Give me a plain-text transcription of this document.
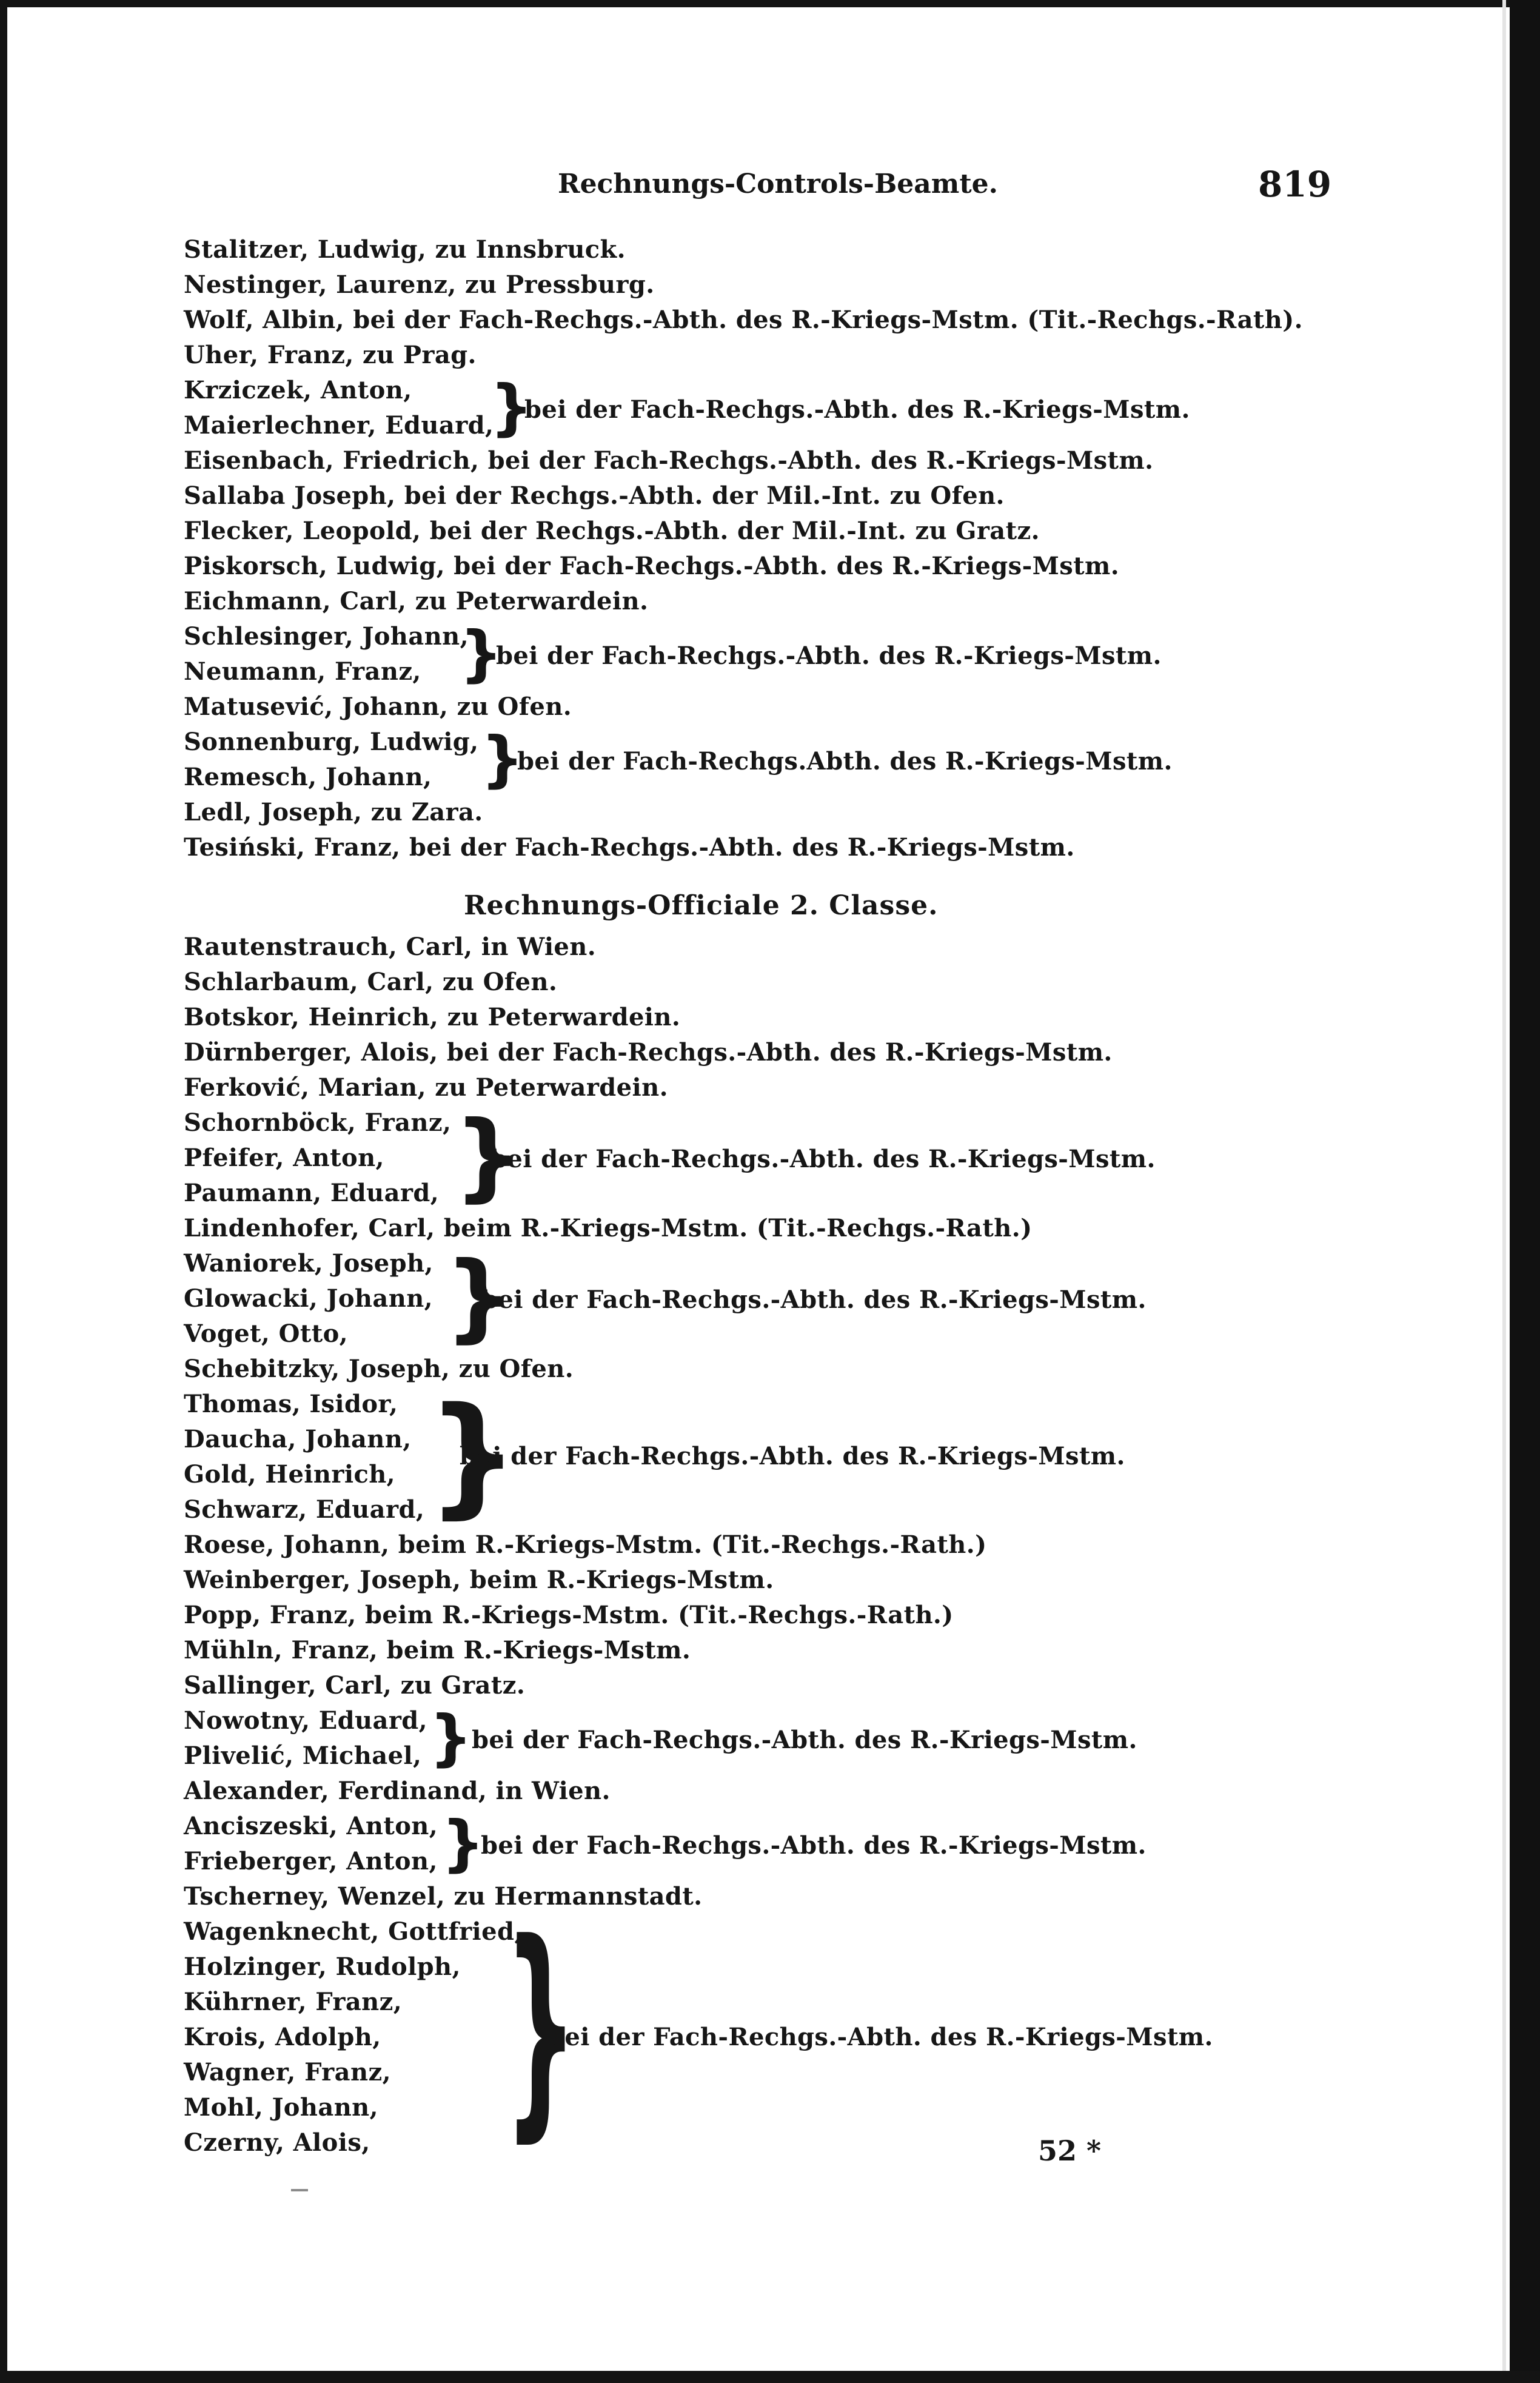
Rechnungs-Controls-Beamte.	819
Stalitzer, Ludwig, zu Innsbruck.
Nestinger, Laurenz, zu Pressburg.
Wolf, Albin, bei der Fach-Rechgs.-Abth. des R.-Kriegs-Mstm. (Tit.-Rechgs.-Rath).
Uher, Franz, zu Prag.
Krziczek, Anton,
Maierlechner, Eduard,
}
bei der Fach-Rechgs.-Abth. des R.-Kriegs-Mstm.
Eisenbach, Friedrich, bei der Fach-Rechgs.-Abth. des R.-Kriegs-Mstm.
Sallaba Joseph, bei der Rechgs.-Abth. der Mil.-Int. zu Ofen.
Flecker, Leopold, bei der Rechgs.-Abth. der Mil.-Int. zu Gratz.
Piskorsch, Ludwig, bei der Fach-Rechgs.-Abth. des R.-Kriegs-Mstm.
Eichmann, Carl, zu Peterwardein.
Schlesinger, Johann,
Neumann, Franz, }
bei der Fach-Rechgs.-Abth. des R.-Kriegs-Mstm.
Matusević, Johann, zu Ofen.
Sonnenburg, Ludwig,
Remesch, Johann, }
bei der Fach-Rechgs.Abth. des R.-Kriegs-Mstm.
Ledl, Joseph, zu Zara.
Tesiński, Franz, bei der Fach-Rechgs.-Abth. des R.-Kriegs-Mstm.
Rechnungs-Officiale 2. Classe.
Rautenstrauch, Carl, in Wien.
Schlarbaum, Carl, zu Ofen.
Botskor, Heinrich, zu Peterwardein.
Dürnberger, Alois, bei der Fach-Rechgs.-Abth. des R.-Kriegs-Mstm.
Ferković, Marian, zu Peterwardein.
Schornböck, Franz,
Pfeifer, Anton,
Paumann, Eduard, }
bei der Fach-Rechgs.-Abth. des R.-Kriegs-Mstm.
Lindenhofer, Carl, beim R.-Kriegs-Mstm. (Tit.-Rechgs.-Rath.)
Waniorek, Joseph,
Glowacki, Johann,
Voget, Otto, }
bei der Fach-Rechgs.-Abth. des R.-Kriegs-Mstm.
Schebitzky, Joseph, zu Ofen.
Thomas, Isidor,
Daucha, Johann,
Gold, Heinrich,
Schwarz, Eduard, }
bei der Fach-Rechgs.-Abth. des R.-Kriegs-Mstm.
Roese, Johann, beim R.-Kriegs-Mstm. (Tit.-Rechgs.-Rath.)
Weinberger, Joseph, beim R.-Kriegs-Mstm.
Popp, Franz, beim R.-Kriegs-Mstm. (Tit.-Rechgs.-Rath.)
Mühln, Franz, beim R.-Kriegs-Mstm.
Sallinger, Carl, zu Gratz.
Nowotny, Eduard,
Plivelić, Michael, }
bei der Fach-Rechgs.-Abth. des R.-Kriegs-Mstm.
Alexander, Ferdinand, in Wien.
Anciszeski, Anton,
Frieberger, Anton, }
bei der Fach-Rechgs.-Abth. des R.-Kriegs-Mstm.
Tscherney, Wenzel, zu Hermannstadt.
Wagenknecht, Gottfried,
Holzinger, Rudolph,
Kührner, Franz,
Krois, Adolph,
Wagner, Franz,
Mohl, Johann,
Czerny, Alois, }
bei der Fach-Rechgs.-Abth. des R.-Kriegs-Mstm.
52 *
